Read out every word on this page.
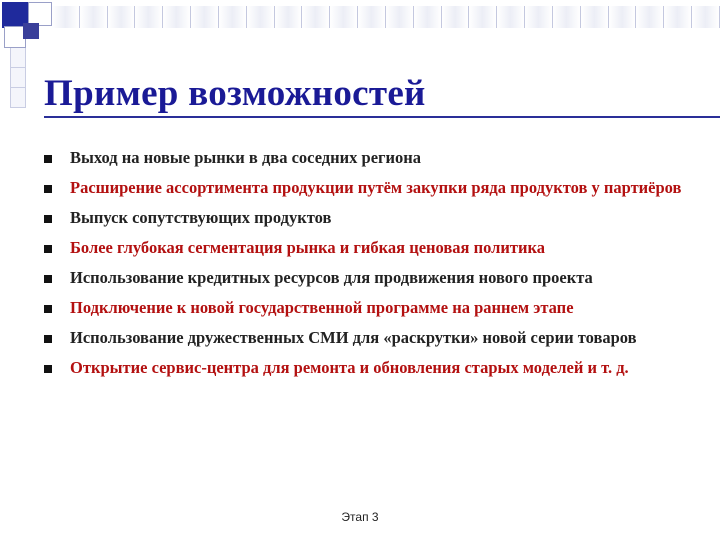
Пример возможностей
Выход на новые рынки в два соседних региона
Расширение ассортимента продукции путём закупки ряда продуктов у партиёров
Выпуск сопутствующих продуктов
Более глубокая сегментация рынка и гибкая ценовая политика
Использование кредитных ресурсов для продвижения нового проекта
Подключение к новой государственной программе на раннем этапе
Использование дружественных СМИ для «раскрутки» новой серии товаров
Открытие сервис-центра для ремонта и обновления старых моделей и т. д.
Этап 3
